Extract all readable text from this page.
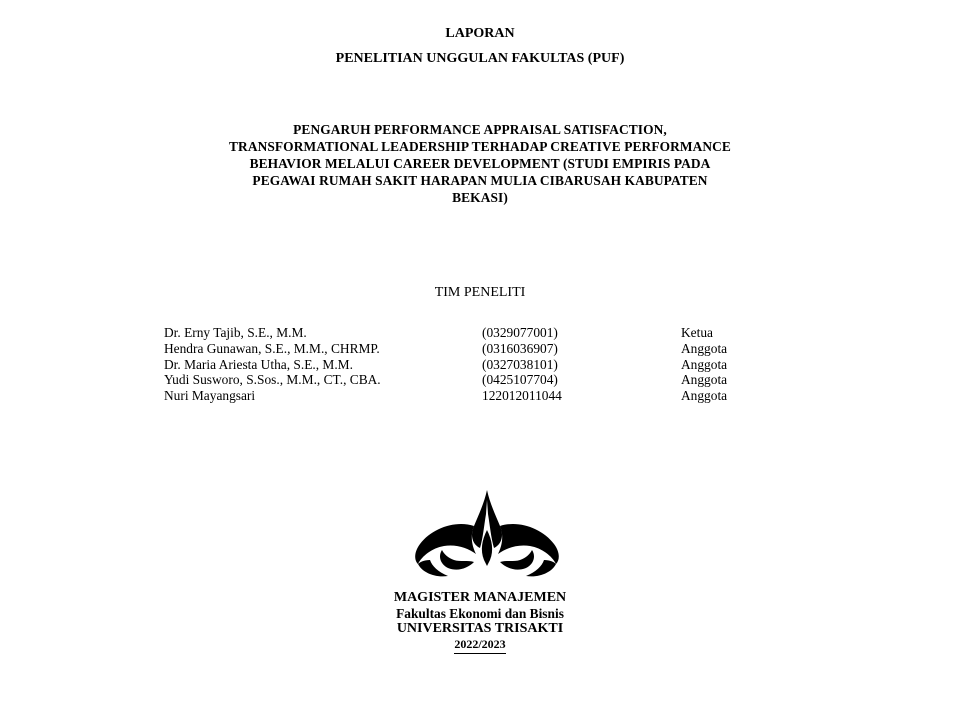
LAPORAN
PENELITIAN UNGGULAN FAKULTAS (PUF)
PENGARUH PERFORMANCE APPRAISAL SATISFACTION,
TRANSFORMATIONAL LEADERSHIP TERHADAP CREATIVE PERFORMANCE
BEHAVIOR MELALUI CAREER DEVELOPMENT (STUDI EMPIRIS PADA
PEGAWAI RUMAH SAKIT HARAPAN MULIA CIBARUSAH KABUPATEN
BEKASI)
TIM PENELITI
Dr. Erny Tajib, S.E., M.M.	(0329077001)	Ketua
Hendra Gunawan, S.E., M.M., CHRMP.	(0316036907)	Anggota
Dr. Maria Ariesta Utha, S.E., M.M.	(0327038101)	Anggota
Yudi Susworo, S.Sos., M.M., CT., CBA.	(0425107704)	Anggota
Nuri Mayangsari	122012011044	Anggota
MAGISTER MANAJEMEN
Fakultas Ekonomi dan Bisnis
UNIVERSITAS TRISAKTI
2022/2023
